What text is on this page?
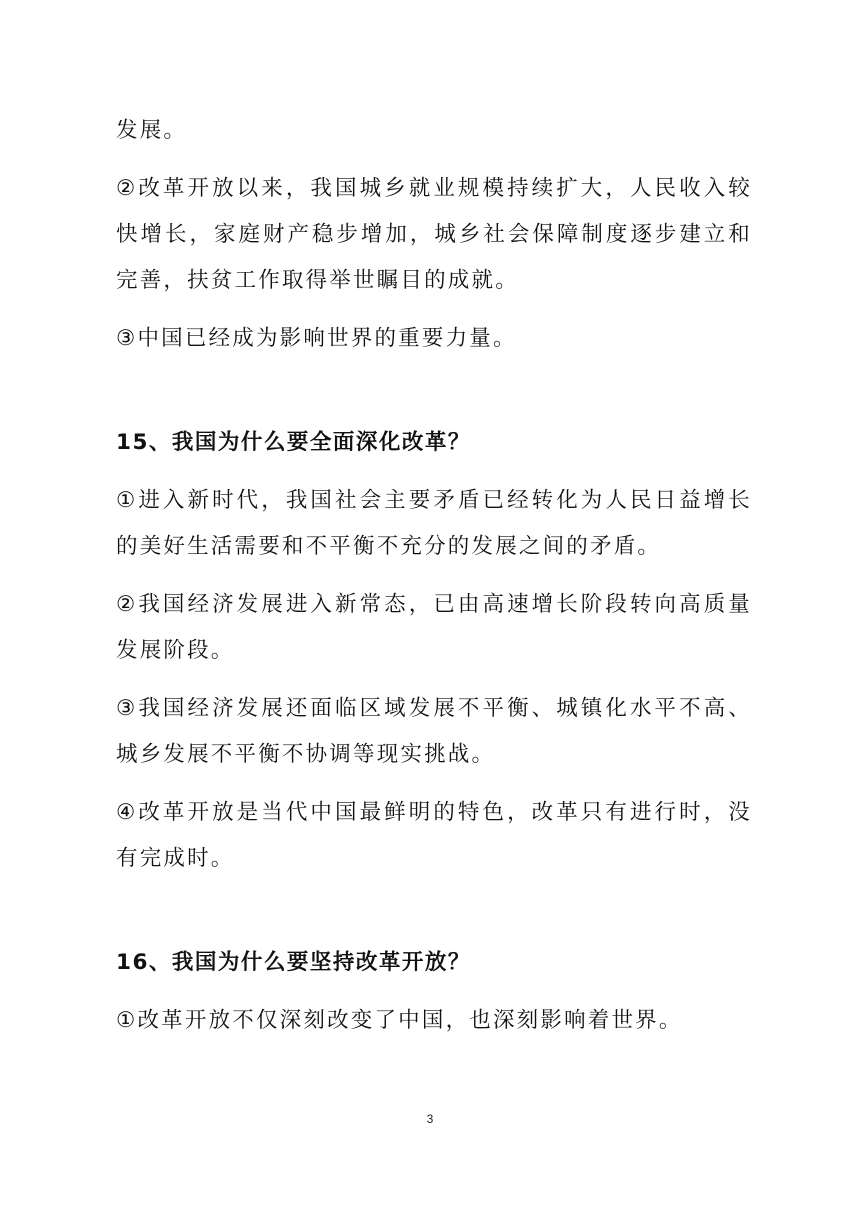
发展。

②改革开放以来，我国城乡就业规模持续扩大，人民收入较快增长，家庭财产稳步增加，城乡社会保障制度逐步建立和完善，扶贫工作取得举世瞩目的成就。

③中国已经成为影响世界的重要力量。

15、我国为什么要全面深化改革？

①进入新时代，我国社会主要矛盾已经转化为人民日益增长的美好生活需要和不平衡不充分的发展之间的矛盾。

②我国经济发展进入新常态，已由高速增长阶段转向高质量发展阶段。

③我国经济发展还面临区域发展不平衡、城镇化水平不高、城乡发展不平衡不协调等现实挑战。

④改革开放是当代中国最鲜明的特色，改革只有进行时，没有完成时。

16、我国为什么要坚持改革开放？

①改革开放不仅深刻改变了中国，也深刻影响着世界。

3
